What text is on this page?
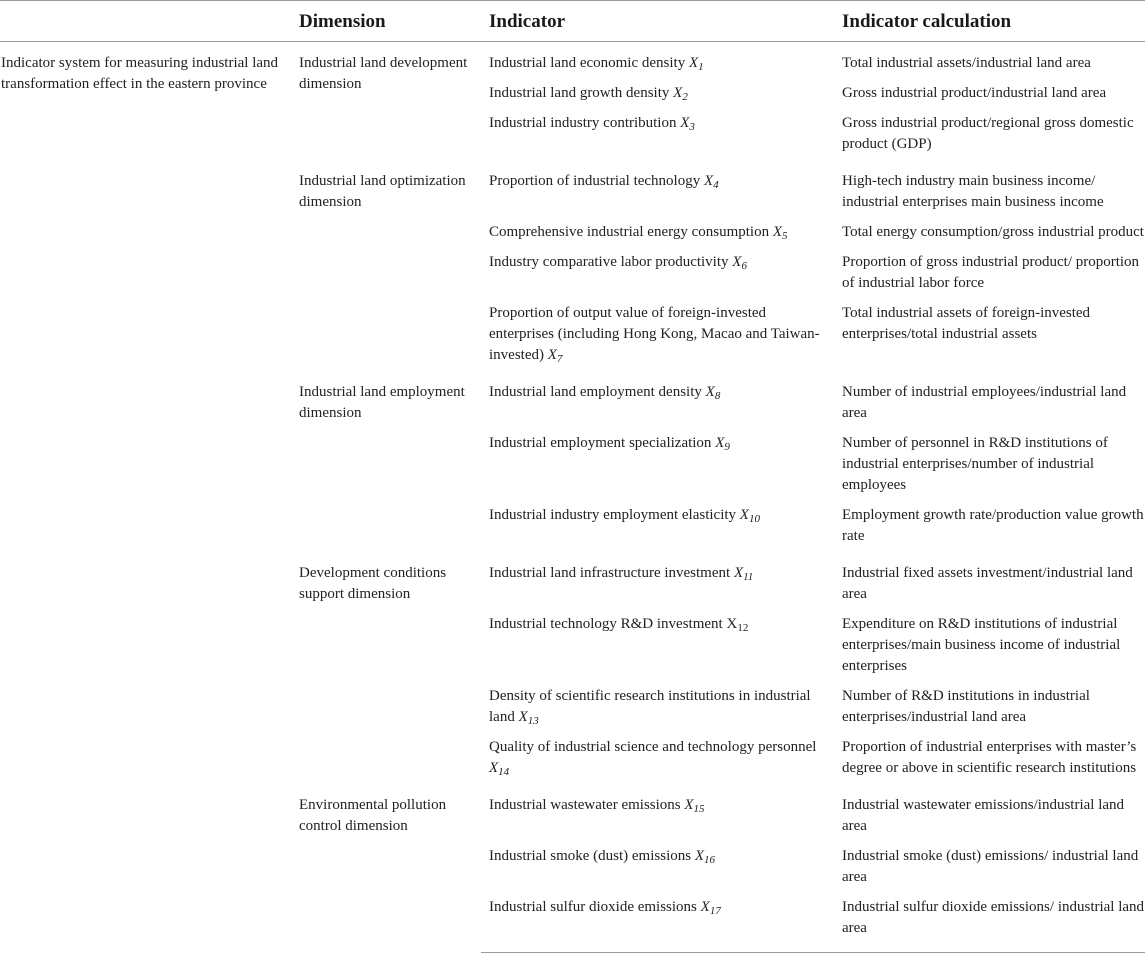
	Dimension	Indicator	Indicator calculation
Indicator system for measuring industrial land transformation effect in the eastern province	Industrial land development dimension	Industrial land economic density $X_1$	Total industrial assets/industrial land area
		Industrial land growth density $X_2$	Gross industrial product/industrial land area
		Industrial industry contribution $X_3$	Gross industrial product/regional gross domestic product (GDP)
	Industrial land optimization dimension	Proportion of industrial technology $X_4$	High-tech industry main business income/ industrial enterprises main business income
		Comprehensive industrial energy consumption $X_5$	Total energy consumption/gross industrial product
		Industry comparative labor productivity $X_6$	Proportion of gross industrial product/ proportion of industrial labor force
		Proportion of output value of foreign-invested enterprises (including Hong Kong, Macao and Taiwan-invested) $X_7$	Total industrial assets of foreign-invested enterprises/total industrial assets
	Industrial land employment dimension	Industrial land employment density $X_8$	Number of industrial employees/industrial land area
		Industrial employment specialization $X_9$	Number of personnel in R&D institutions of industrial enterprises/number of industrial employees
		Industrial industry employment elasticity $X_{10}$	Employment growth rate/production value growth rate
	Development conditions support dimension	Industrial land infrastructure investment $X_{11}$	Industrial fixed assets investment/industrial land area
		Industrial technology R&D investment $X_{12}$	Expenditure on R&D institutions of industrial enterprises/main business income of industrial enterprises
		Density of scientific research institutions in industrial land $X_{13}$	Number of R&D institutions in industrial enterprises/industrial land area
		Quality of industrial science and technology personnel $X_{14}$	Proportion of industrial enterprises with master’s degree or above in scientific research institutions
	Environmental pollution control dimension	Industrial wastewater emissions $X_{15}$	Industrial wastewater emissions/industrial land area
		Industrial smoke (dust) emissions $X_{16}$	Industrial smoke (dust) emissions/ industrial land area
		Industrial sulfur dioxide emissions $X_{17}$	Industrial sulfur dioxide emissions/ industrial land area
